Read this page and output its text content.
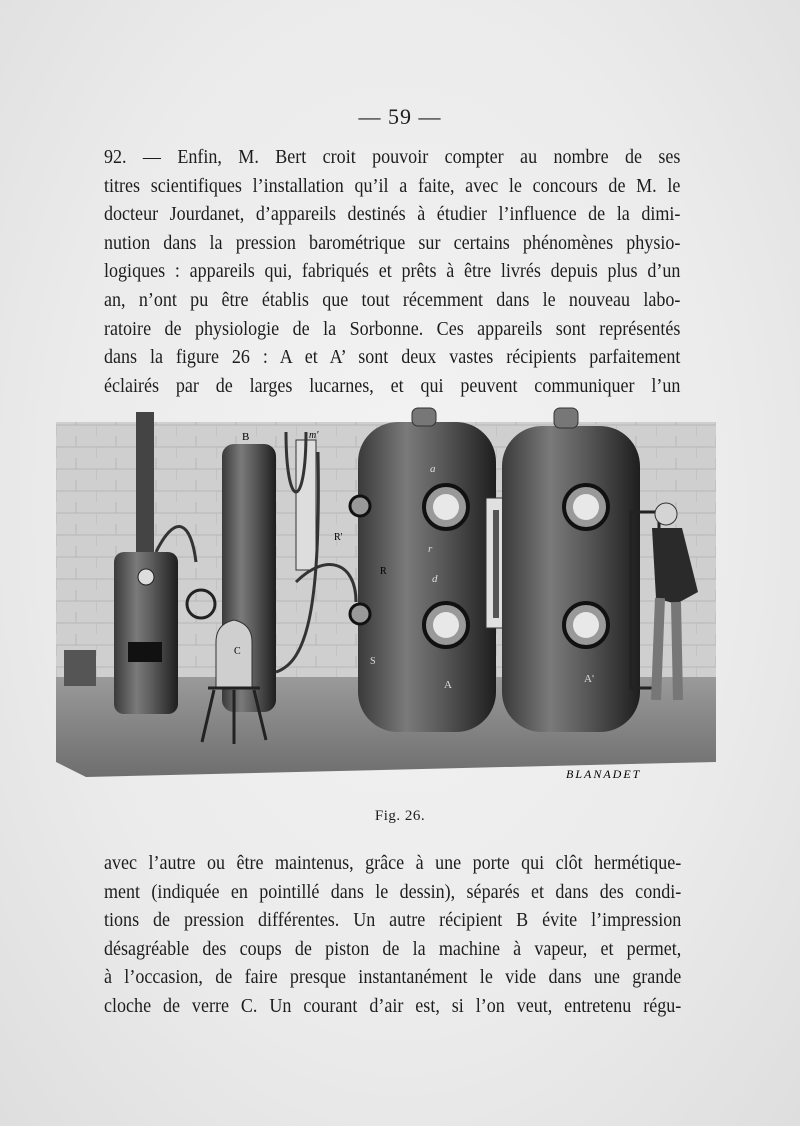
— 59 —
92. — Enfin, M. Bert croit pouvoir compter au nombre de ses
titres scientifiques l’installation qu’il a faite, avec le concours de M. le
docteur Jourdanet, d’appareils destinés à étudier l’influence de la dimi-
nution dans la pression barométrique sur certains phénomènes physio-
logiques : appareils qui, fabriqués et prêts à être livrés depuis plus d’un
an, n’ont pu être établis que tout récemment dans le nouveau labo-
ratoire de physiologie de la Sorbonne. Ces appareils sont représentés
dans la figure 26 : A et A’ sont deux vastes récipients parfaitement
éclairés par de larges lucarnes, et qui peuvent communiquer l’un
B	m'
R'
R
a
r
d
A	A'
C
S
BLANADET
Fig. 26.
avec l’autre ou être maintenus, grâce à une porte qui clôt hermétique-
ment (indiquée en pointillé dans le dessin), séparés et dans des condi-
tions de pression différentes. Un autre récipient B évite l’impression
désagréable des coups de piston de la machine à vapeur, et permet,
à l’occasion, de faire presque instantanément le vide dans une grande
cloche de verre C. Un courant d’air est, si l’on veut, entretenu régu-
